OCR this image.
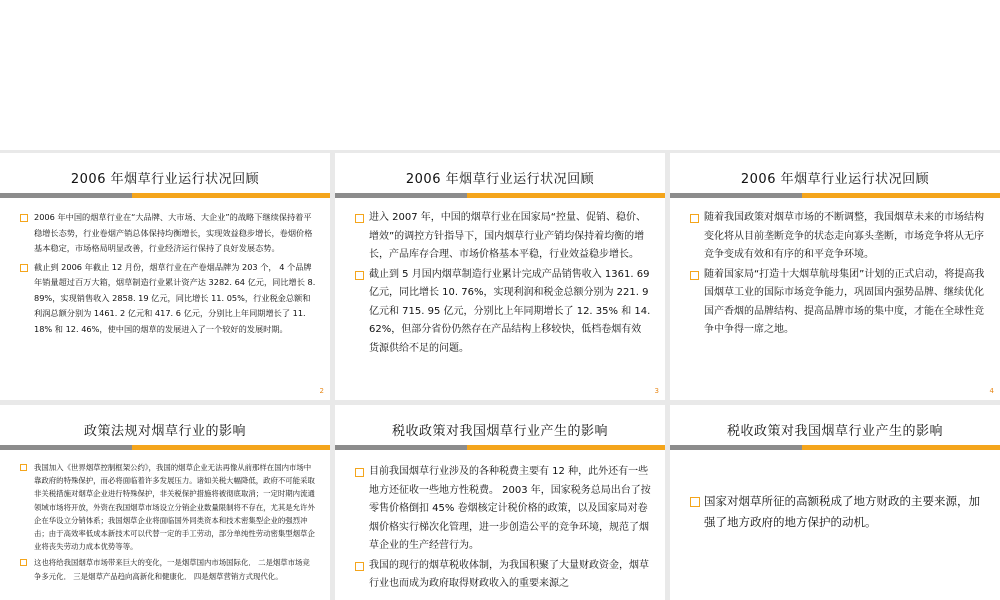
2006 年烟草行业运行状况回顾
2006 年中国的烟草行业在“大品牌、大市场、大企业”的战略下继续保持着平稳增长态势，行业卷烟产销总体保持均衡增长，实现效益稳步增长，卷烟价格基本稳定，市场格局明显改善，行业经济运行保持了良好发展态势。
截止到 2006 年截止 12 月份，烟草行业在产卷烟品牌为 203 个， 4 个品牌年销量超过百万大箱，烟草制造行业累计资产达 3282. 64 亿元，同比增长 8. 89%，实现销售收入 2858. 19 亿元，同比增长 11. 05%，行业税金总额和利润总额分别为 1461. 2 亿元和 417. 6 亿元，分别比上年同期增长了 11. 18% 和 12. 46%，使中国的烟草的发展进入了一个较好的发展时期。
2
2006 年烟草行业运行状况回顾
进入 2007 年，中国的烟草行业在国家局“控量、促销、稳价、增效”的调控方针指导下，国内烟草行业产销均保持着均衡的增长，产品库存合理、市场价格基本平稳，行业效益稳步增长。
截止到 5 月国内烟草制造行业累计完成产品销售收入 1361. 69 亿元，同比增长 10. 76%，实现利润和税金总额分别为 221. 9 亿元和 715. 95 亿元，分别比上年同期增长了 12. 35% 和 14. 62%，但部分省份仍然存在产品结构上移较快，低档卷烟有效货源供给不足的问题。
3
2006 年烟草行业运行状况回顾
随着我国政策对烟草市场的不断调整，我国烟草未来的市场结构变化将从目前垄断竞争的状态走向寡头垄断，市场竞争将从无序竞争变成有效和有序的和平竞争环境。
随着国家局“打造十大烟草航母集团”计划的正式启动，将提高我国烟草工业的国际市场竞争能力，巩固国内强势品牌、继续优化国产香烟的品牌结构、提高品牌市场的集中度，才能在全球性竞争中争得一席之地。
4
政策法规对烟草行业的影响
我国加入《世界烟草控制框架公约》，我国的烟草企业无法再像从前那样在国内市场中靠政府的特殊保护，而必将面临着许多发展压力。诸如关税大幅降低，政府不可能采取非关税措施对烟草企业进行特殊保护，非关税保护措施将被彻底取消；一定时期内流通领域市场将开放，外资在我国烟草市场设立分销企业数量限制将不存在，尤其是允许外企在华设立分销体系；我国烟草企业将面临国外同类资本和技术密集型企业的强烈冲击；由于高效率低成本新技术可以代替一定的手工劳动，部分单纯性劳动密集型烟草企业将丧失劳动力成本优势等等。
这也将给我国烟草市场带来巨大的变化，一是烟草国内市场国际化． 二是烟草市场竞争多元化． 三是烟草产品趋向高新化和健康化． 四是烟草营销方式现代化。
税收政策对我国烟草行业产生的影响
目前我国烟草行业涉及的各种税费主要有 12 种，此外还有一些地方还征收一些地方性税费。 2003 年，国家税务总局出台了按零售价格倒扣 45% 卷烟核定计税价格的政策，以及国家局对卷烟价格实行梯次化管理，进一步创造公平的竞争环境，规范了烟草企业的生产经营行为。
我国的现行的烟草税收体制，为我国积聚了大量财政资金，烟草行业也而成为政府取得财政收入的重要来源之
税收政策对我国烟草行业产生的影响
国家对烟草所征的高额税成了地方财政的主要来源，加强了地方政府的地方保护的动机。
